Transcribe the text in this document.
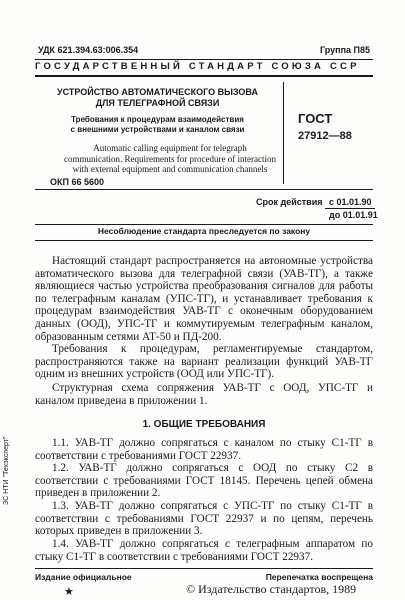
УДК 621.394.63:006.354	Группа П85
ГОСУДАРСТВЕННЫЙ СТАНДАРТ СОЮЗА ССР
УСТРОЙСТВО АВТОМАТИЧЕСКОГО ВЫЗОВА
ДЛЯ ТЕЛЕГРАФНОЙ СВЯЗИ
Требования к процедурам взаимодействия
с внешними устройствами и каналом связи
Automatic calling equipment for telegraph
communication. Requirements for procedure of interaction
with external equipment and communication channels
ОКП 66 5600
ГОСТ
27912—88
Срок действия с 01.01.90
до 01.01.91
Несоблюдение стандарта преследуется по закону
Настоящий стандарт распространяется на автономные устройства автоматического вызова для телеграфной связи (УАВ-ТГ), а также являющиеся частью устройства преобразования сигналов для работы по телеграфным каналам (УПС-ТГ), и устанавливает требования к процедурам взаимодействия УАВ-ТГ с оконечным оборудованием данных (ООД), УПС-ТГ и коммутируемым телеграфным каналом, образованным сетями АТ-50 и ПД-200.
Требования к процедурам, регламентируемые стандартом, распространяются также на вариант реализации функций УАВ-ТГ одним из внешних устройств (ООД или УПС-ТГ).
Структурная схема сопряжения УАВ-ТГ с ООД, УПС-ТГ и каналом приведена в приложении 1.
1. ОБЩИЕ ТРЕБОВАНИЯ
1.1. УАВ-ТГ должно сопрягаться с каналом по стыку С1-ТГ в соответствии с требованиями ГОСТ 22937.
1.2. УАВ-ТГ должно сопрягаться с ООД по стыку С2 в соответствии с требованиями ГОСТ 18145. Перечень цепей обмена приведен в приложении 2.
1.3. УАВ-ТГ должно сопрягаться с УПС-ТГ по стыку С1-ТГ в соответствии с требованиями ГОСТ 22937 и по цепям, перечень которых приведен в приложении 3.
1.4. УАВ-ТГ должно сопрягаться с телеграфным аппаратом по стыку С1-ТГ в соответствии с требованиями ГОСТ 22937.
ЗС НТИ "Техэксперт"
Издание официальное	Перепечатка воспрещена
★	© Издательство стандартов, 1989
